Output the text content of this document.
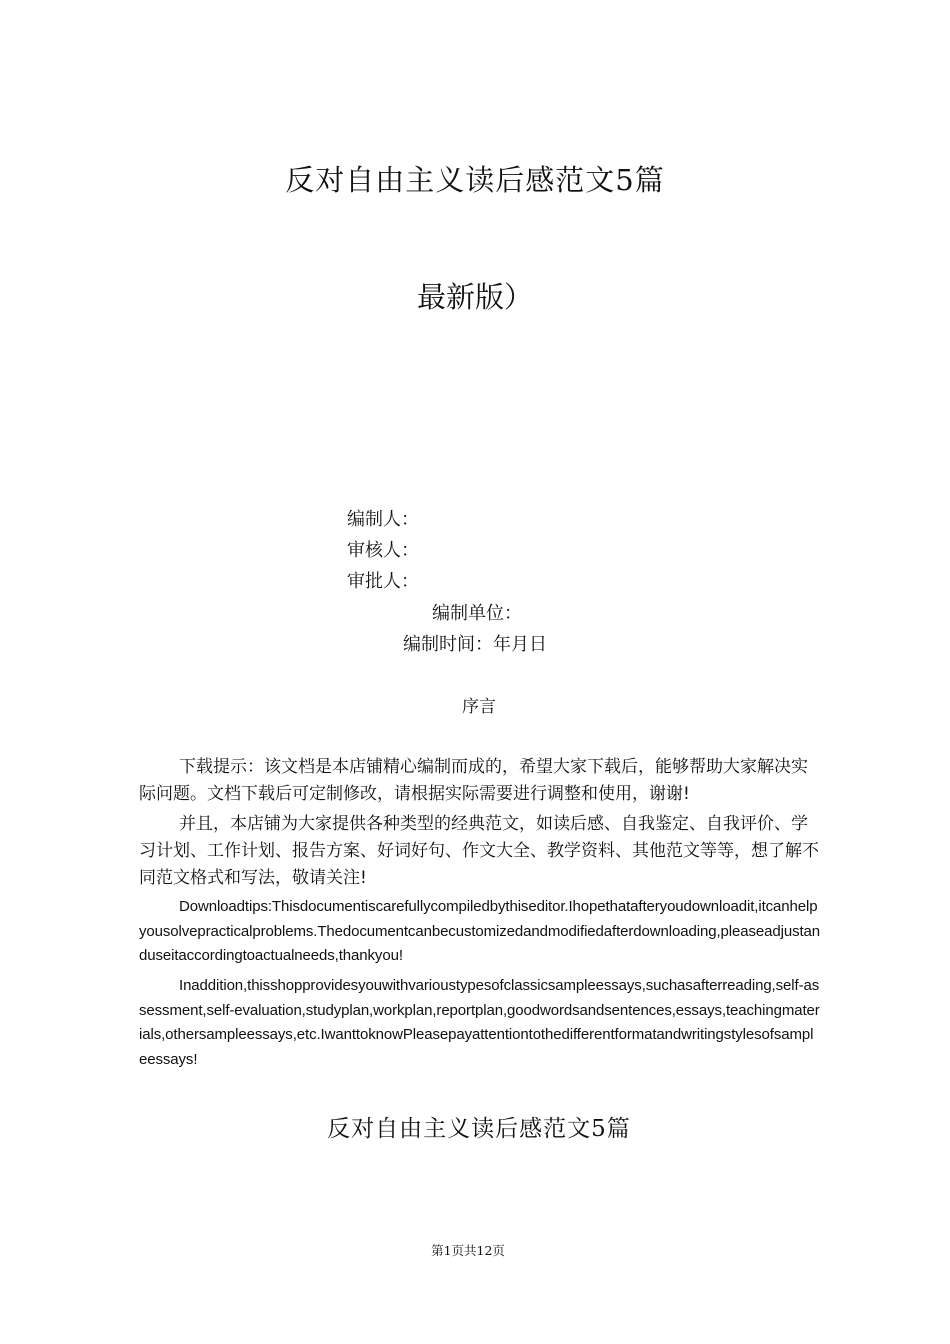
反对自由主义读后感范文5篇
最新版）
编制人：
审核人：
审批人：
编制单位：
编制时间：年月日
序言
下载提示：该文档是本店铺精心编制而成的，希望大家下载后，能够帮助大家解决实际问题。文档下载后可定制修改，请根据实际需要进行调整和使用，谢谢!
并且，本店铺为大家提供各种类型的经典范文，如读后感、自我鉴定、自我评价、学习计划、工作计划、报告方案、好词好句、作文大全、教学资料、其他范文等等，想了解不同范文格式和写法，敬请关注!
Downloadtips:Thisdocumentiscarefullycompiledbythiseditor.Ihopethatafteryoudownloadit,itcanhelpyousolvepracticalproblems.Thedocumentcanbecustomizedandmodifiedafterdownloading,pleaseadjustanduseitaccordingtoactualneeds,thankyou!
Inaddition,thisshopprovidesyouwithvarioustypesofclassicsampleessays,suchasafterreading,self-assessment,self-evaluation,studyplan,workplan,reportplan,goodwordsandsentences,essays,teachingmaterials,othersampleessays,etc.IwanttoknowPleasepayattentiontothedifferentformatandwritingstylesofsampleessays!
反对自由主义读后感范文5篇
第1页共12页
